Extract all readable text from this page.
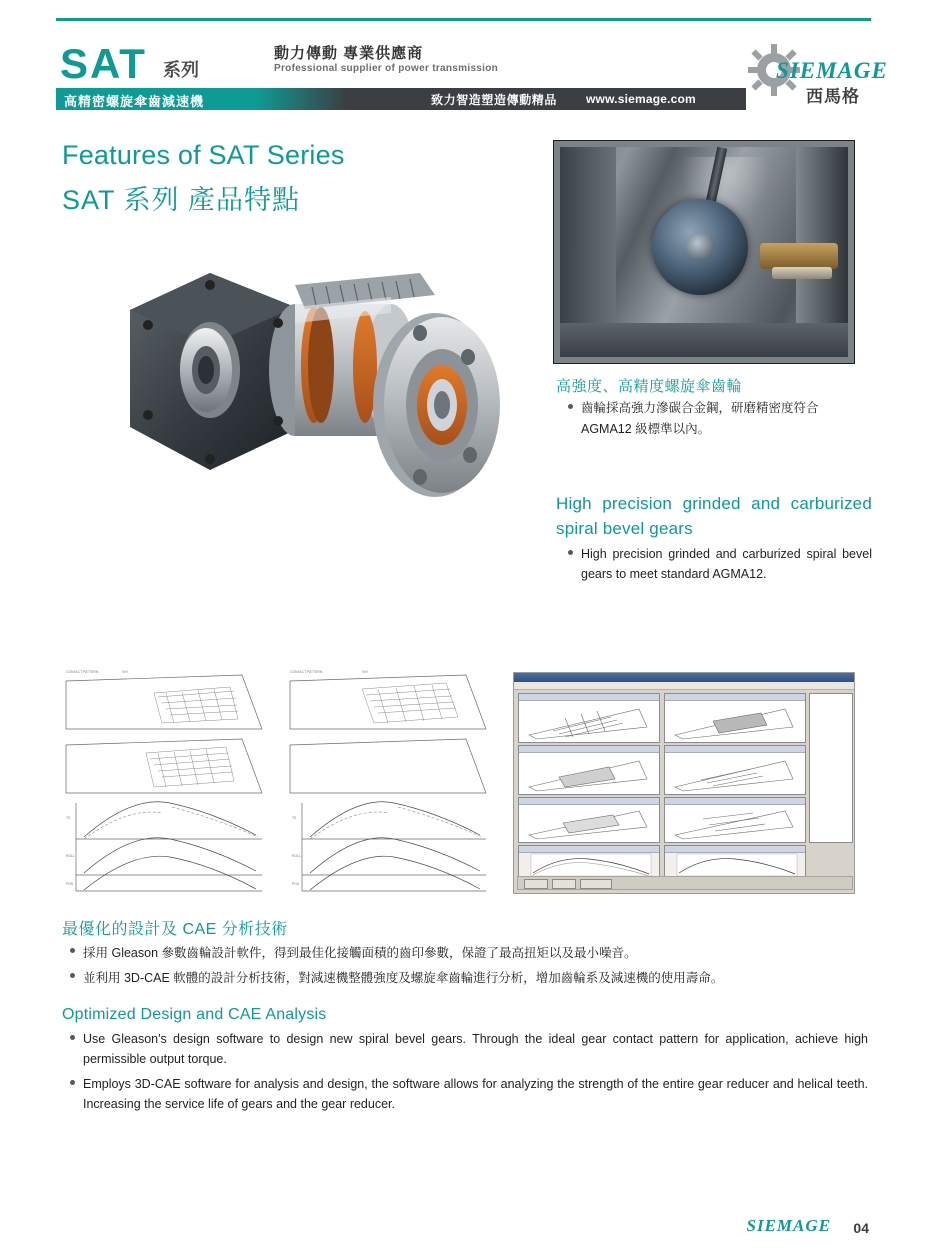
SAT 系列
動力傳動 專業供應商
Professional supplier of power transmission
高精密螺旋傘齒減速機	致力智造塑造傳動精品 www.siemage.com
SIEMAGE
西馬格
Features of SAT Series
SAT 系列 產品特點
高強度、高精度螺旋傘齒輪
齒輪採高強力滲碳合金鋼，研磨精密度符合 AGMA12 級標準以內。
High precision grinded and carburized spiral bevel gears
High precision grinded and carburized spiral bevel gears to meet standard AGMA12.
CONTACT PATTERN	V/H	CONTACT PATTERN	V/H
TE
ROLL
POS
TE
ROLL
POS
最優化的設計及 CAE 分析技術
採用 Gleason 參數齒輪設計軟件，得到最佳化接觸面積的齒印參數，保證了最高扭矩以及最小噪音。
並利用 3D-CAE 軟體的設計分析技術，對減速機整體強度及螺旋傘齒輪進行分析，增加齒輪系及減速機的使用壽命。
Optimized Design and CAE Analysis
Use Gleason's design software to design new spiral bevel gears. Through the ideal gear contact pattern for application, achieve high permissible output torque.
Employs 3D-CAE software for analysis and design, the software allows for analyzing the strength of the entire gear reducer and helical teeth. Increasing the service life of gears and the gear reducer.
SIEMAGE 04
